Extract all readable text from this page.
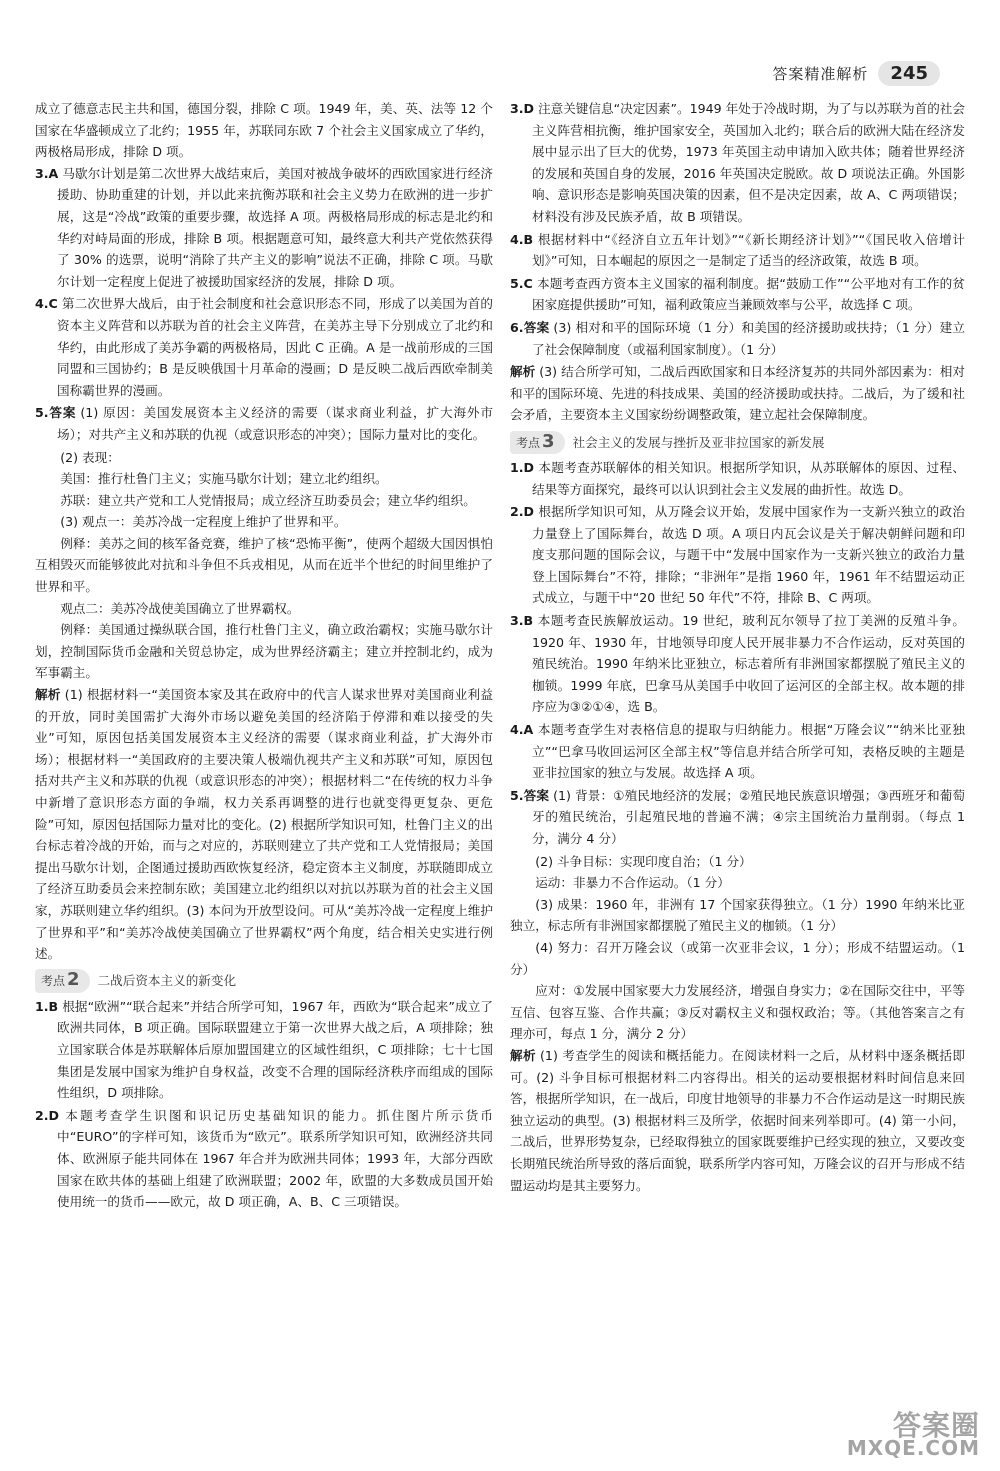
答案精准解析	245

成立了德意志民主共和国，德国分裂，排除 C 项。1949 年，美、英、法等 12 个国家在华盛顿成立了北约；1955 年，苏联同东欧 7 个社会主义国家成立了华约，两极格局形成，排除 D 项。

3.A 马歇尔计划是第二次世界大战结束后，美国对被战争破坏的西欧国家进行经济援助、协助重建的计划，并以此来抗衡苏联和社会主义势力在欧洲的进一步扩展，这是“冷战”政策的重要步骤，故选择 A 项。两极格局形成的标志是北约和华约对峙局面的形成，排除 B 项。根据题意可知，最终意大利共产党依然获得了 30% 的选票，说明“消除了共产主义的影响”说法不正确，排除 C 项。马歇尔计划一定程度上促进了被援助国家经济的发展，排除 D 项。

4.C 第二次世界大战后，由于社会制度和社会意识形态不同，形成了以美国为首的资本主义阵营和以苏联为首的社会主义阵营，在美苏主导下分别成立了北约和华约，由此形成了美苏争霸的两极格局，因此 C 正确。A 是一战前形成的三国同盟和三国协约；B 是反映俄国十月革命的漫画；D 是反映二战后西欧牵制美国称霸世界的漫画。

5.答案 (1) 原因：美国发展资本主义经济的需要（谋求商业利益，扩大海外市场）；对共产主义和苏联的仇视（或意识形态的冲突）；国际力量对比的变化。

(2) 表现：

美国：推行杜鲁门主义；实施马歇尔计划；建立北约组织。

苏联：建立共产党和工人党情报局；成立经济互助委员会；建立华约组织。

(3) 观点一：美苏冷战一定程度上维护了世界和平。

例释：美苏之间的核军备竞赛，维护了核“恐怖平衡”，使两个超级大国因惧怕互相毁灭而能够彼此对抗和斗争但不兵戎相见，从而在近半个世纪的时间里维护了世界和平。

观点二：美苏冷战使美国确立了世界霸权。

例释：美国通过操纵联合国，推行杜鲁门主义，确立政治霸权；实施马歇尔计划，控制国际货币金融和关贸总协定，成为世界经济霸主；建立并控制北约，成为军事霸主。

解析 (1) 根据材料一“美国资本家及其在政府中的代言人谋求世界对美国商业利益的开放，同时美国需扩大海外市场以避免美国的经济陷于停滞和难以接受的失业”可知，原因包括美国发展资本主义经济的需要（谋求商业利益，扩大海外市场）；根据材料一“美国政府的主要决策人极端仇视共产主义和苏联”可知，原因包括对共产主义和苏联的仇视（或意识形态的冲突）；根据材料二“在传统的权力斗争中新增了意识形态方面的争端，权力关系再调整的进行也就变得更复杂、更危险”可知，原因包括国际力量对比的变化。(2) 根据所学知识可知，杜鲁门主义的出台标志着冷战的开始，而与之对应的，苏联则建立了共产党和工人党情报局；美国提出马歇尔计划，企图通过援助西欧恢复经济，稳定资本主义制度，苏联随即成立了经济互助委员会来控制东欧；美国建立北约组织以对抗以苏联为首的社会主义国家，苏联则建立华约组织。(3) 本问为开放型设问。可从“美苏冷战一定程度上维护了世界和平”和“美苏冷战使美国确立了世界霸权”两个角度，结合相关史实进行例述。

考点 2 二战后资本主义的新变化

1.B 根据“欧洲”“联合起来”并结合所学可知，1967 年，西欧为“联合起来”成立了欧洲共同体，B 项正确。国际联盟建立于第一次世界大战之后，A 项排除；独立国家联合体是苏联解体后原加盟国建立的区域性组织，C 项排除；七十七国集团是发展中国家为维护自身权益，改变不合理的国际经济秩序而组成的国际性组织，D 项排除。

2.D 本题考查学生识图和识记历史基础知识的能力。抓住图片所示货币中“EURO”的字样可知，该货币为“欧元”。联系所学知识可知，欧洲经济共同体、欧洲原子能共同体在 1967 年合并为欧洲共同体；1993 年，大部分西欧国家在欧共体的基础上组建了欧洲联盟；2002 年，欧盟的大多数成员国开始使用统一的货币——欧元，故 D 项正确，A、B、C 三项错误。

3.D 注意关键信息“决定因素”。1949 年处于冷战时期，为了与以苏联为首的社会主义阵营相抗衡，维护国家安全，英国加入北约；联合后的欧洲大陆在经济发展中显示出了巨大的优势，1973 年英国主动申请加入欧共体；随着世界经济的发展和英国自身的发展，2016 年英国决定脱欧。故 D 项说法正确。外国影响、意识形态是影响英国决策的因素，但不是决定因素，故 A、C 两项错误；材料没有涉及民族矛盾，故 B 项错误。

4.B 根据材料中“《经济自立五年计划》”“《新长期经济计划》”“《国民收入倍增计划》”可知，日本崛起的原因之一是制定了适当的经济政策，故选 B 项。

5.C 本题考查西方资本主义国家的福利制度。据“鼓励工作”“公平地对有工作的贫困家庭提供援助”可知，福利政策应当兼顾效率与公平，故选择 C 项。

6.答案 (3) 相对和平的国际环境（1 分）和美国的经济援助或扶持；（1 分）建立了社会保障制度（或福利国家制度）。（1 分）

解析 (3) 结合所学可知，二战后西欧国家和日本经济复苏的共同外部因素为：相对和平的国际环境、先进的科技成果、美国的经济援助或扶持。二战后，为了缓和社会矛盾，主要资本主义国家纷纷调整政策，建立起社会保障制度。

考点 3 社会主义的发展与挫折及亚非拉国家的新发展

1.D 本题考查苏联解体的相关知识。根据所学知识，从苏联解体的原因、过程、结果等方面探究，最终可以认识到社会主义发展的曲折性。故选 D。

2.D 根据所学知识可知，从万隆会议开始，发展中国家作为一支新兴独立的政治力量登上了国际舞台，故选 D 项。A 项日内瓦会议是关于解决朝鲜问题和印度支那问题的国际会议，与题干中“发展中国家作为一支新兴独立的政治力量登上国际舞台”不符，排除；“非洲年”是指 1960 年，1961 年不结盟运动正式成立，与题干中“20 世纪 50 年代”不符，排除 B、C 两项。

3.B 本题考查民族解放运动。19 世纪，玻利瓦尔领导了拉丁美洲的反殖斗争。1920 年、1930 年，甘地领导印度人民开展非暴力不合作运动，反对英国的殖民统治。1990 年纳米比亚独立，标志着所有非洲国家都摆脱了殖民主义的枷锁。1999 年底，巴拿马从美国手中收回了运河区的全部主权。故本题的排序应为③②①④，选 B。

4.A 本题考查学生对表格信息的提取与归纳能力。根据“万隆会议”“纳米比亚独立”“巴拿马收回运河区全部主权”等信息并结合所学可知，表格反映的主题是亚非拉国家的独立与发展。故选择 A 项。

5.答案 (1) 背景：①殖民地经济的发展；②殖民地民族意识增强；③西班牙和葡萄牙的殖民统治，引起殖民地的普遍不满；④宗主国统治力量削弱。（每点 1 分，满分 4 分）

(2) 斗争目标：实现印度自治；（1 分）

运动：非暴力不合作运动。（1 分）

(3) 成果：1960 年，非洲有 17 个国家获得独立。（1 分）1990 年纳米比亚独立，标志所有非洲国家都摆脱了殖民主义的枷锁。（1 分）

(4) 努力：召开万隆会议（或第一次亚非会议，1 分）；形成不结盟运动。（1 分）

应对：①发展中国家要大力发展经济，增强自身实力；②在国际交往中，平等互信、包容互鉴、合作共赢；③反对霸权主义和强权政治；等。（其他答案言之有理亦可，每点 1 分，满分 2 分）

解析 (1) 考查学生的阅读和概括能力。在阅读材料一之后，从材料中逐条概括即可。(2) 斗争目标可根据材料二内容得出。相关的运动要根据材料时间信息来回答，根据所学知识，在一战后，印度甘地领导的非暴力不合作运动是这一时期民族独立运动的典型。(3) 根据材料三及所学，依据时间来列举即可。(4) 第一小问，二战后，世界形势复杂，已经取得独立的国家既要维护已经实现的独立，又要改变长期殖民统治所导致的落后面貌，联系所学内容可知，万隆会议的召开与形成不结盟运动均是其主要努力。

答案圈
MXQE.COM
